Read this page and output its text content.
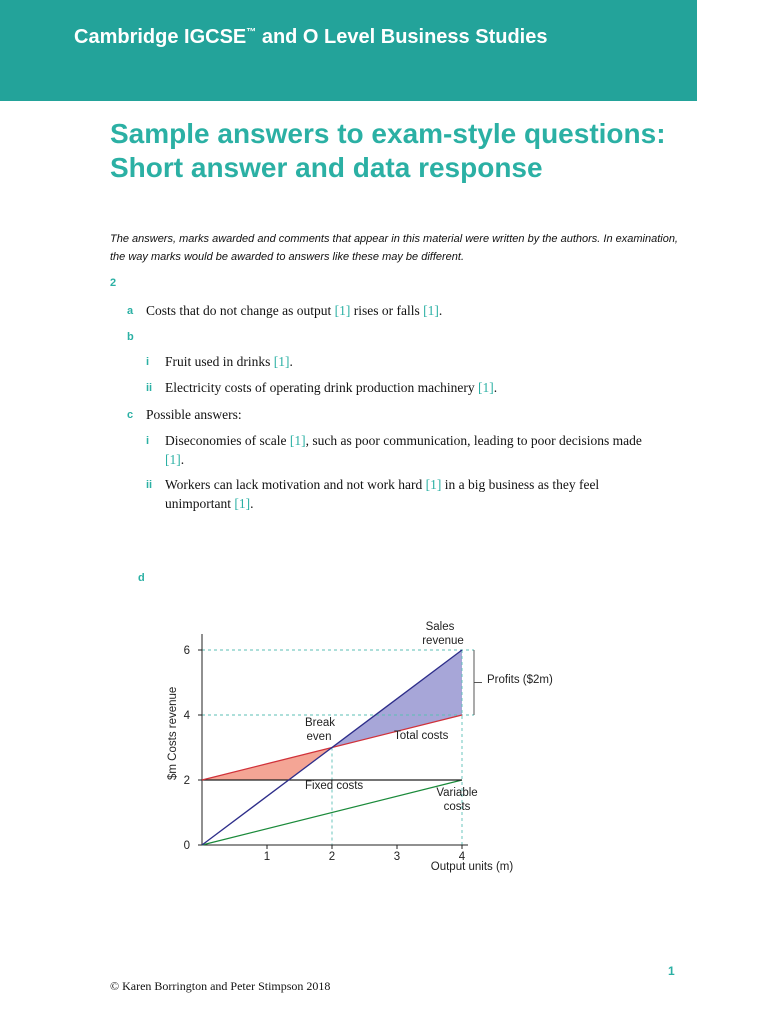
Cambridge IGCSE™ and O Level Business Studies
Sample answers to exam-style questions: Short answer and data response
The answers, marks awarded and comments that appear in this material were written by the authors. In examination, the way marks would be awarded to answers like these may be different.
2
a Costs that do not change as output [1] rises or falls [1].
b
i Fruit used in drinks [1].
ii Electricity costs of operating drink production machinery [1].
c Possible answers:
i Diseconomies of scale [1], such as poor communication, leading to poor decisions made
[1].
ii Workers can lack motivation and not work hard [1] in a big business as they feel
unimportant [1].
d
0
2
4
6
1	2	3	4
Sales
revenue
Profits ($2m)
Break
even	Total costs
Fixed costs
Variable
costs
Output units (m)
$m Costs revenue
1
© Karen Borrington and Peter Stimpson 2018
